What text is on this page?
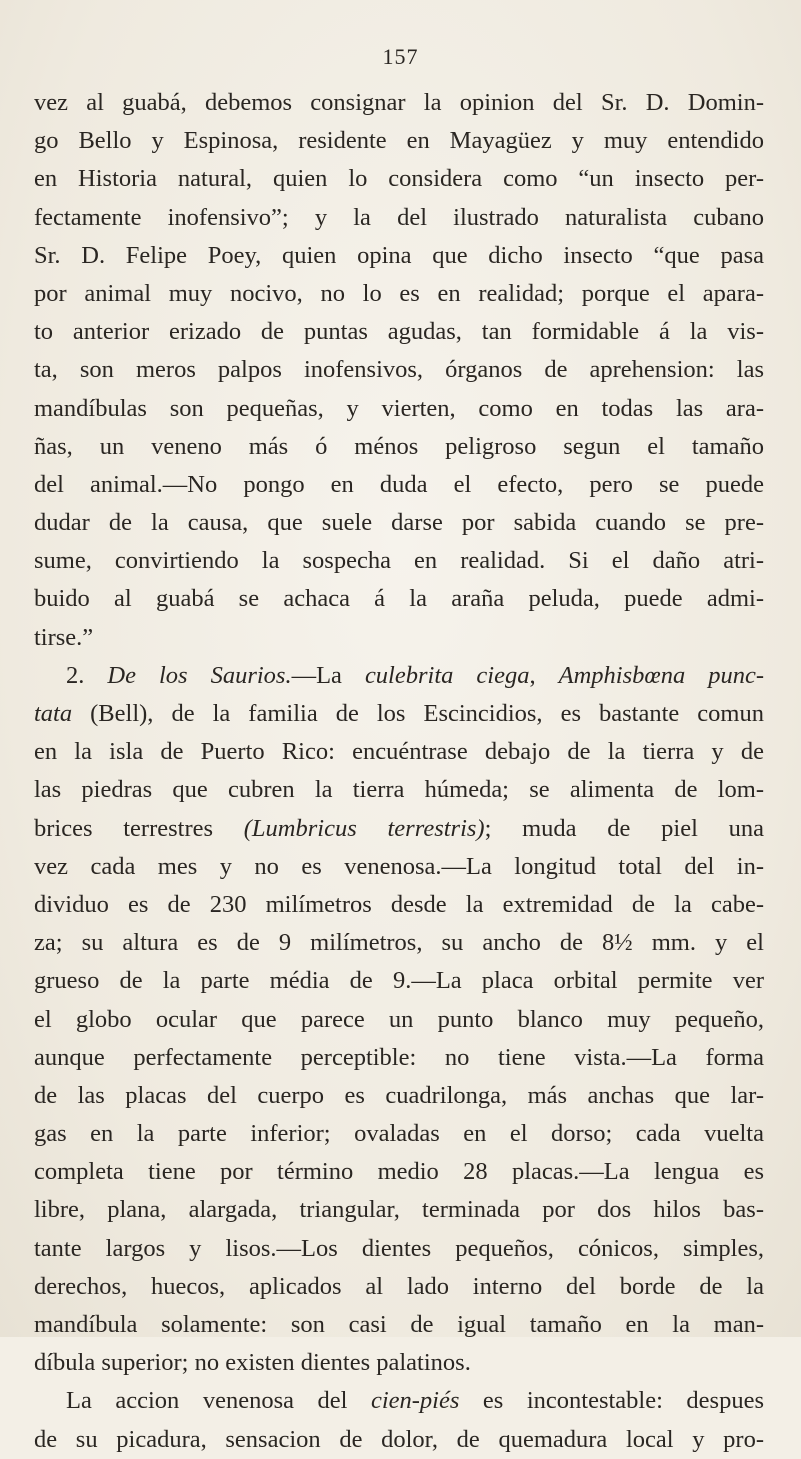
157
vez al guabá, debemos consignar la opinion del Sr. D. Domin-
go Bello y Espinosa, residente en Mayagüez y muy entendido
en Historia natural, quien lo considera como “un insecto per-
fectamente inofensivo”; y la del ilustrado naturalista cubano
Sr. D. Felipe Poey, quien opina que dicho insecto “que pasa
por animal muy nocivo, no lo es en realidad; porque el apara-
to anterior erizado de puntas agudas, tan formidable á la vis-
ta, son meros palpos inofensivos, órganos de aprehension: las
mandíbulas son pequeñas, y vierten, como en todas las ara-
ñas, un veneno más ó ménos peligroso segun el tamaño
del animal.—No pongo en duda el efecto, pero se puede
dudar de la causa, que suele darse por sabida cuando se pre-
sume, convirtiendo la sospecha en realidad. Si el daño atri-
buido al guabá se achaca á la araña peluda, puede admi-
tirse.”
2. De los Saurios.—La culebrita ciega, Amphisbœna punc-
tata (Bell), de la familia de los Escincidios, es bastante comun
en la isla de Puerto Rico: encuéntrase debajo de la tierra y de
las piedras que cubren la tierra húmeda; se alimenta de lom-
brices terrestres (Lumbricus terrestris); muda de piel una
vez cada mes y no es venenosa.—La longitud total del in-
dividuo es de 230 milímetros desde la extremidad de la cabe-
za; su altura es de 9 milímetros, su ancho de 8½ mm. y el
grueso de la parte média de 9.—La placa orbital permite ver
el globo ocular que parece un punto blanco muy pequeño,
aunque perfectamente perceptible: no tiene vista.—La forma
de las placas del cuerpo es cuadrilonga, más anchas que lar-
gas en la parte inferior; ovaladas en el dorso; cada vuelta
completa tiene por término medio 28 placas.—La lengua es
libre, plana, alargada, triangular, terminada por dos hilos bas-
tante largos y lisos.—Los dientes pequeños, cónicos, simples,
derechos, huecos, aplicados al lado interno del borde de la
mandíbula solamente: son casi de igual tamaño en la man-
díbula superior; no existen dientes palatinos.
La accion venenosa del cien-piés es incontestable: despues
de su picadura, sensacion de dolor, de quemadura local y pro-
